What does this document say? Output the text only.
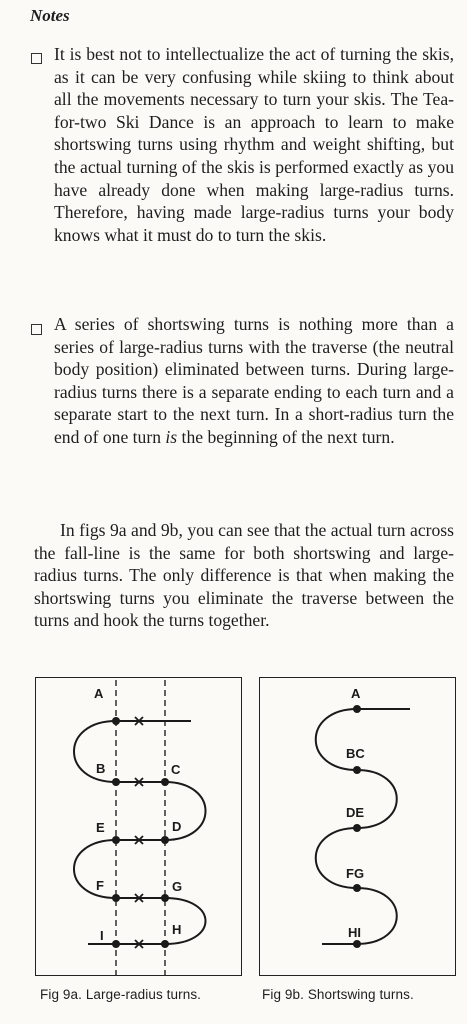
Notes

It is best not to intellectualize the act of turning the skis, as it can be very confusing while skiing to think about all the movements necessary to turn your skis. The Tea-for-two Ski Dance is an approach to learn to make shortswing turns using rhythm and weight shifting, but the actual turning of the skis is performed exactly as you have already done when making large-radius turns. Therefore, having made large-radius turns your body knows what it must do to turn the skis.

A series of shortswing turns is nothing more than a series of large-radius turns with the traverse (the neutral body position) eliminated between turns. During large-radius turns there is a separate ending to each turn and a separate start to the next turn. In a short-radius turn the end of one turn is the beginning of the next turn.

In figs 9a and 9b, you can see that the actual turn across the fall-line is the same for both shortswing and large-radius turns. The only difference is that when making the shortswing turns you eliminate the traverse between the turns and hook the turns together.

A
B	C
D
E
F	G
H
I
Fig 9a. Large-radius turns.
A
BC
DE
FG
HI
Fig 9b. Shortswing turns.
